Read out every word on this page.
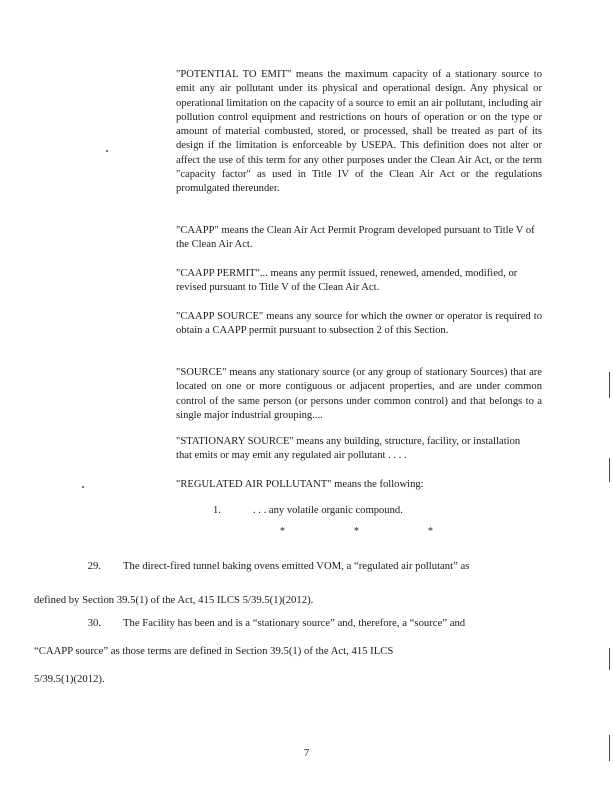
"POTENTIAL TO EMIT" means the maximum capacity of a stationary source to emit any air pollutant under its physical and operational design. Any physical or operational limitation on the capacity of a source to emit an air pollutant, including air pollution control equipment and restrictions on hours of operation or on the type or amount of material combusted, stored, or processed, shall be treated as part of its design if the limitation is enforceable by USEPA. This definition does not alter or affect the use of this term for any other purposes under the Clean Air Act, or the term "capacity factor" as used in Title IV of the Clean Air Act or the regulations promulgated thereunder.

"CAAPP" means the Clean Air Act Permit Program developed pursuant to Title V of the Clean Air Act.

"CAAPP PERMIT"... means any permit issued, renewed, amended, modified, or revised pursuant to Title V of the Clean Air Act.

"CAAPP SOURCE" means any source for which the owner or operator is required to obtain a CAAPP permit pursuant to subsection 2 of this Section.

"SOURCE" means any stationary source (or any group of stationary Sources) that are located on one or more contiguous or adjacent properties, and are under common control of the same person (or persons under common control) and that belongs to a single major industrial grouping....

"STATIONARY SOURCE" means any building, structure, facility, or installation that emits or may emit any regulated air pollutant . . . .

"REGULATED AIR POLLUTANT" means the following:

1.	. . . any volatile organic compound.
*	*	*

29. The direct-fired tunnel baking ovens emitted VOM, a “regulated air pollutant” as

defined by Section 39.5(1) of the Act, 415 ILCS 5/39.5(1)(2012).

30. The Facility has been and is a “stationary source” and, therefore, a “source” and

“CAAPP source” as those terms are defined in Section 39.5(1) of the Act, 415 ILCS

5/39.5(1)(2012).

7
